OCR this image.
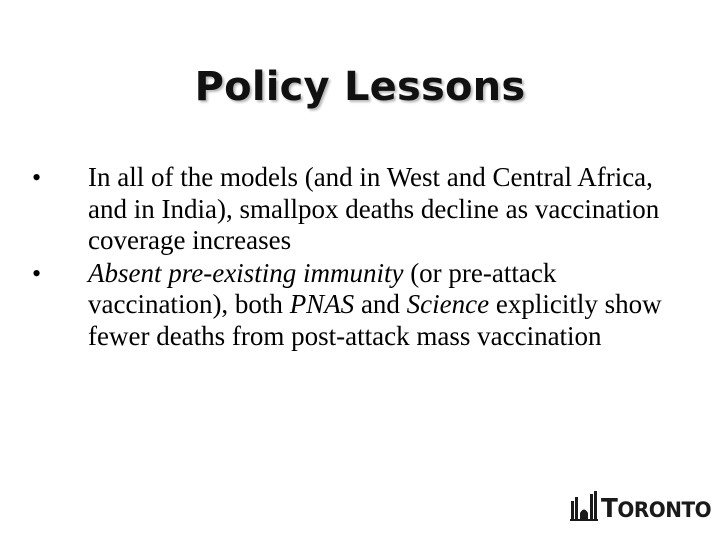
Policy Lessons
•	In all of the models (and in West and Central Africa, and in India), smallpox deaths decline as vaccination coverage increases
•	Absent pre-existing immunity (or pre-attack vaccination), both PNAS and Science explicitly show fewer deaths from post-attack mass vaccination
TORONTO
